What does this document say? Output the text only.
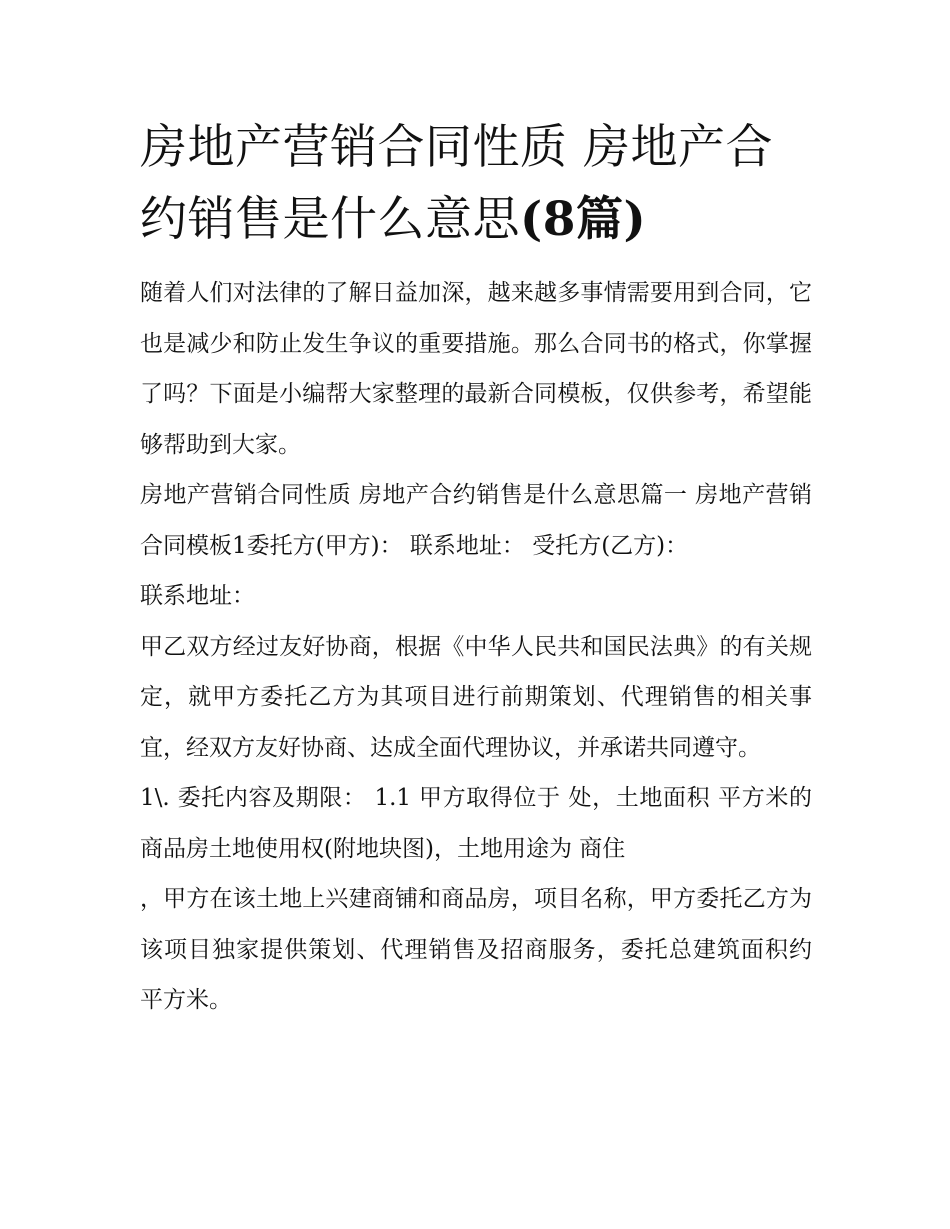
房地产营销合同性质 房地产合约销售是什么意思(8篇)

随着人们对法律的了解日益加深，越来越多事情需要用到合同，它也是减少和防止发生争议的重要措施。那么合同书的格式，你掌握了吗？下面是小编帮大家整理的最新合同模板，仅供参考，希望能够帮助到大家。

房地产营销合同性质 房地产合约销售是什么意思篇一 房地产营销合同模板1委托方(甲方)： 联系地址： 受托方(乙方)：

联系地址：

甲乙双方经过友好协商，根据《中华人民共和国民法典》的有关规定，就甲方委托乙方为其项目进行前期策划、代理销售的相关事宜，经双方友好协商、达成全面代理协议，并承诺共同遵守。

1\. 委托内容及期限： 1.1 甲方取得位于 处，土地面积 平方米的商品房土地使用权(附地块图)，土地用途为 商住

，甲方在该土地上兴建商铺和商品房，项目名称，甲方委托乙方为该项目独家提供策划、代理销售及招商服务，委托总建筑面积约 平方米。
